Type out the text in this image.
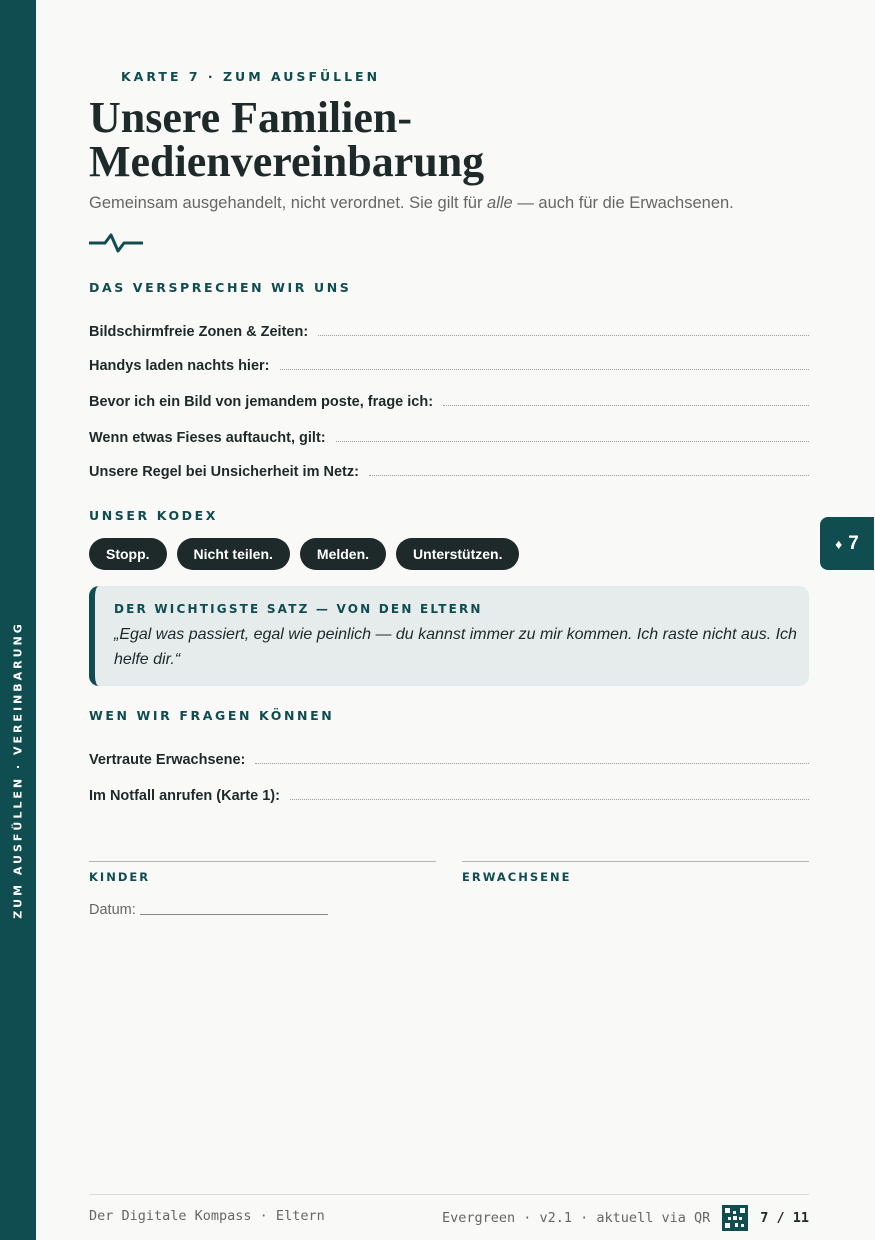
ZUM AUSFÜLLEN · VEREINBARUNG
KARTE 7 · ZUM AUSFÜLLEN
Unsere Familien-Medienvereinbarung
Gemeinsam ausgehandelt, nicht verordnet. Sie gilt für alle — auch für die Erwachsenen.
DAS VERSPRECHEN WIR UNS
Bildschirmfreie Zonen & Zeiten:
Handys laden nachts hier:
Bevor ich ein Bild von jemandem poste, frage ich:
Wenn etwas Fieses auftaucht, gilt:
Unsere Regel bei Unsicherheit im Netz:
UNSER KODEX
Stopp.	Nicht teilen.	Melden.	Unterstützen.
DER WICHTIGSTE SATZ — VON DEN ELTERN
„Egal was passiert, egal wie peinlich — du kannst immer zu mir kommen. Ich raste nicht aus. Ich helfe dir.“
WEN WIR FRAGEN KÖNNEN
Vertraute Erwachsene:
Im Notfall anrufen (Karte 1):
KINDER	ERWACHSENE
Datum:
Der Digitale Kompass · Eltern	Evergreen · v2.1 · aktuell via QR	7 / 11
♦ 7
